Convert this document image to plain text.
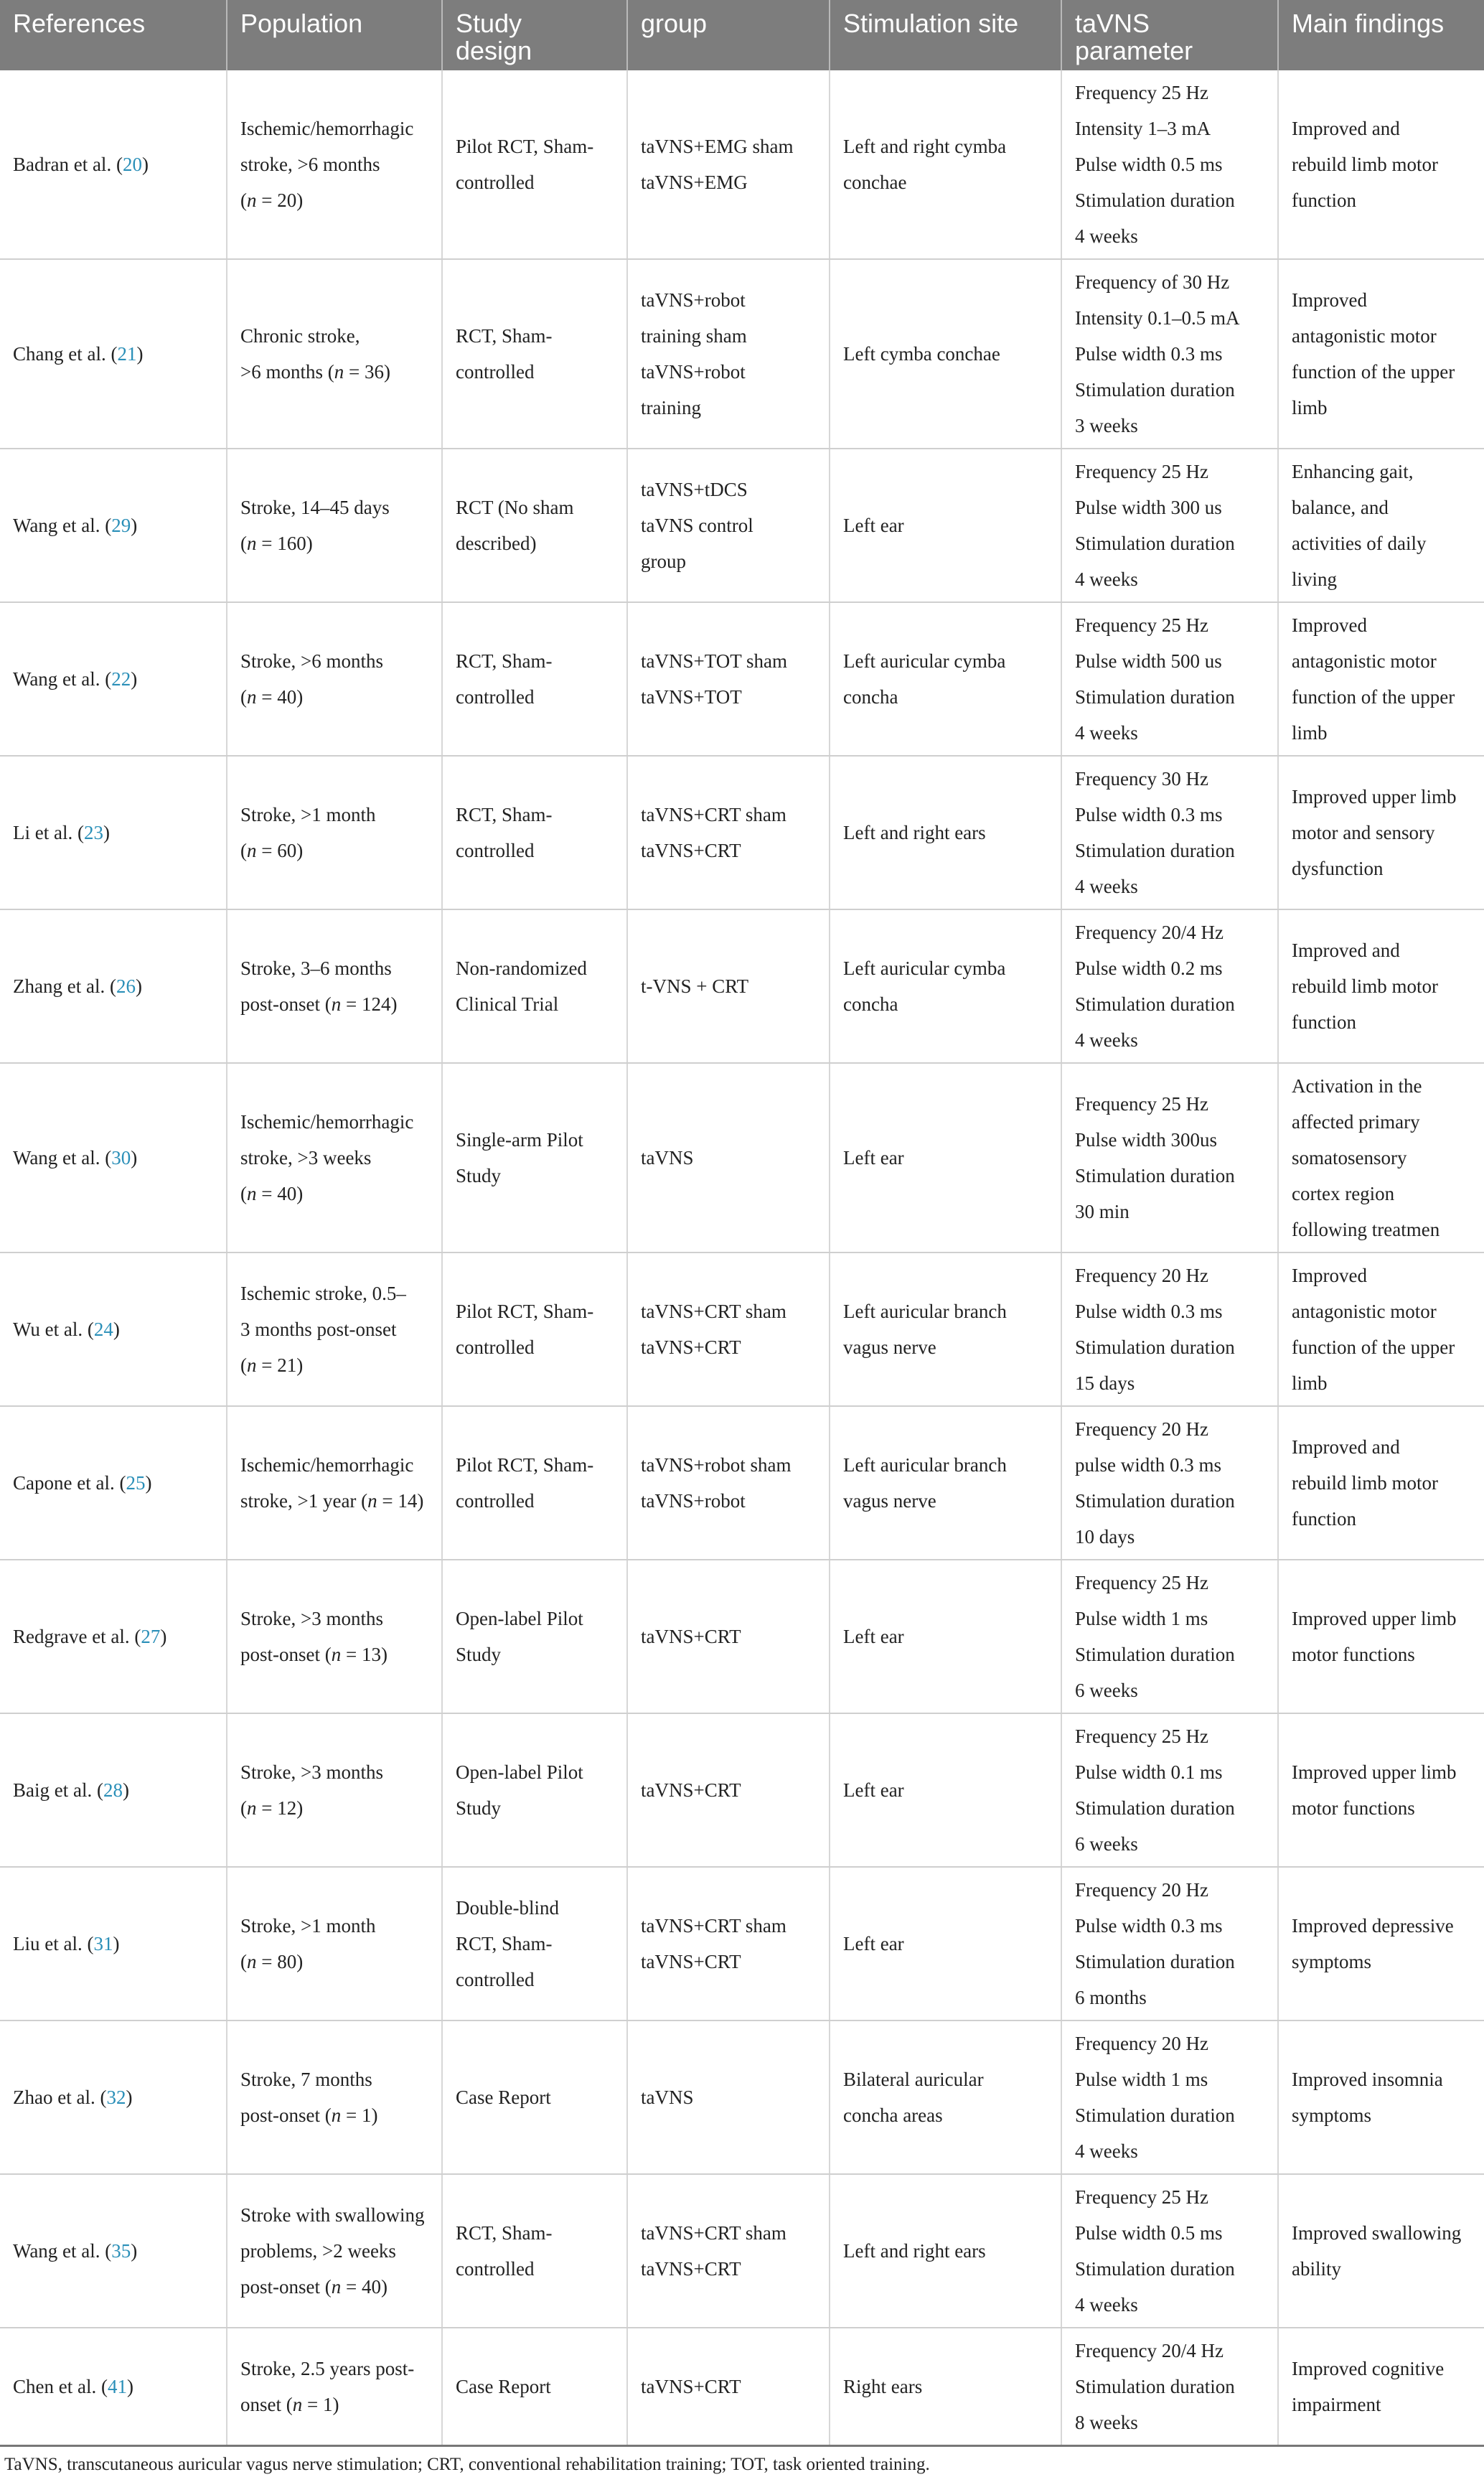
References	Population	Study
design	group	Stimulation site	taVNS
parameter	Main findings

Badran et al. (20)	Ischemic/hemorrhagic
stroke, >6 months
(n = 20)	Pilot RCT, Sham-
controlled	taVNS+EMG sham
taVNS+EMG	Left and right cymba
conchae	Frequency 25 Hz
Intensity 1–3 mA
Pulse width 0.5 ms
Stimulation duration
4 weeks	Improved and
rebuild limb motor
function

Chang et al. (21)	Chronic stroke,
>6 months (n = 36)	RCT, Sham-
controlled	taVNS+robot
training sham
taVNS+robot
training	Left cymba conchae	Frequency of 30 Hz
Intensity 0.1–0.5 mA
Pulse width 0.3 ms
Stimulation duration
3 weeks	Improved
antagonistic motor
function of the upper
limb

Wang et al. (29)	Stroke, 14–45 days
(n = 160)	RCT (No sham
described)	taVNS+tDCS
taVNS control
group	Left ear	Frequency 25 Hz
Pulse width 300 us
Stimulation duration
4 weeks	Enhancing gait,
balance, and
activities of daily
living

Wang et al. (22)	Stroke, >6 months
(n = 40)	RCT, Sham-
controlled	taVNS+TOT sham
taVNS+TOT	Left auricular cymba
concha	Frequency 25 Hz
Pulse width 500 us
Stimulation duration
4 weeks	Improved
antagonistic motor
function of the upper
limb

Li et al. (23)	Stroke, >1 month
(n = 60)	RCT, Sham-
controlled	taVNS+CRT sham
taVNS+CRT	Left and right ears	Frequency 30 Hz
Pulse width 0.3 ms
Stimulation duration
4 weeks	Improved upper limb
motor and sensory
dysfunction

Zhang et al. (26)	Stroke, 3–6 months
post-onset (n = 124)	Non-randomized
Clinical Trial	t-VNS + CRT	Left auricular cymba
concha	Frequency 20/4 Hz
Pulse width 0.2 ms
Stimulation duration
4 weeks	Improved and
rebuild limb motor
function

Wang et al. (30)	Ischemic/hemorrhagic
stroke, >3 weeks
(n = 40)	Single-arm Pilot
Study	taVNS	Left ear	Frequency 25 Hz
Pulse width 300us
Stimulation duration
30 min	Activation in the
affected primary
somatosensory
cortex region
following treatmen

Wu et al. (24)	Ischemic stroke, 0.5–
3 months post-onset
(n = 21)	Pilot RCT, Sham-
controlled	taVNS+CRT sham
taVNS+CRT	Left auricular branch
vagus nerve	Frequency 20 Hz
Pulse width 0.3 ms
Stimulation duration
15 days	Improved
antagonistic motor
function of the upper
limb

Capone et al. (25)	Ischemic/hemorrhagic
stroke, >1 year (n = 14)	Pilot RCT, Sham-
controlled	taVNS+robot sham
taVNS+robot	Left auricular branch
vagus nerve	Frequency 20 Hz
pulse width 0.3 ms
Stimulation duration
10 days	Improved and
rebuild limb motor
function

Redgrave et al. (27)	Stroke, >3 months
post-onset (n = 13)	Open-label Pilot
Study	taVNS+CRT	Left ear	Frequency 25 Hz
Pulse width 1 ms
Stimulation duration
6 weeks	Improved upper limb
motor functions

Baig et al. (28)	Stroke, >3 months
(n = 12)	Open-label Pilot
Study	taVNS+CRT	Left ear	Frequency 25 Hz
Pulse width 0.1 ms
Stimulation duration
6 weeks	Improved upper limb
motor functions

Liu et al. (31)	Stroke, >1 month
(n = 80)	Double-blind
RCT, Sham-
controlled	taVNS+CRT sham
taVNS+CRT	Left ear	Frequency 20 Hz
Pulse width 0.3 ms
Stimulation duration
6 months	Improved depressive
symptoms

Zhao et al. (32)	Stroke, 7 months
post-onset (n = 1)	Case Report	taVNS	Bilateral auricular
concha areas	Frequency 20 Hz
Pulse width 1 ms
Stimulation duration
4 weeks	Improved insomnia
symptoms

Wang et al. (35)	Stroke with swallowing
problems, >2 weeks
post-onset (n = 40)	RCT, Sham-
controlled	taVNS+CRT sham
taVNS+CRT	Left and right ears	Frequency 25 Hz
Pulse width 0.5 ms
Stimulation duration
4 weeks	Improved swallowing
ability

Chen et al. (41)	Stroke, 2.5 years post-
onset (n = 1)	Case Report	taVNS+CRT	Right ears	Frequency 20/4 Hz
Stimulation duration
8 weeks	Improved cognitive
impairment
TaVNS, transcutaneous auricular vagus nerve stimulation; CRT, conventional rehabilitation training; TOT, task oriented training.
